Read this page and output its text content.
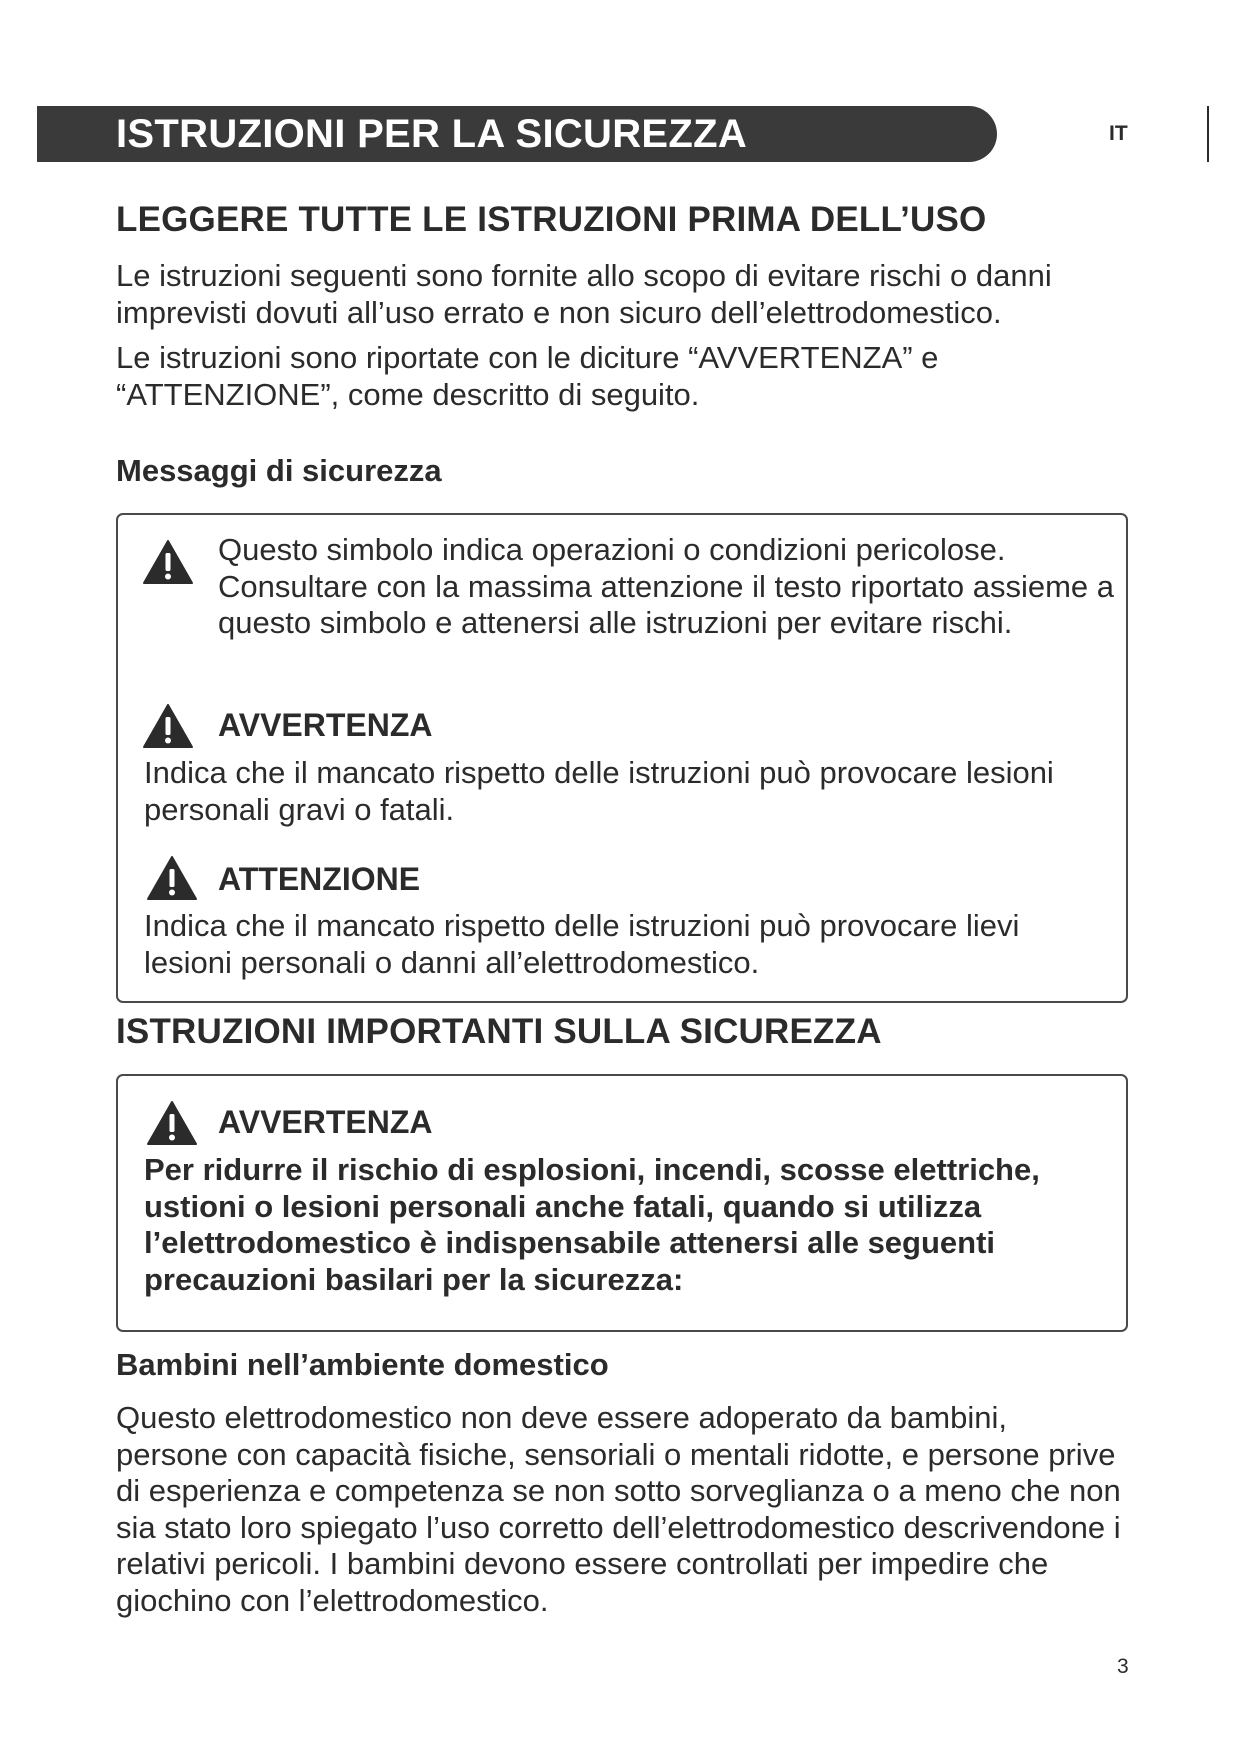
ISTRUZIONI PER LA SICUREZZA	IT
LEGGERE TUTTE LE ISTRUZIONI PRIMA DELL’USO

Le istruzioni seguenti sono fornite allo scopo di evitare rischi o danni imprevisti dovuti all’uso errato e non sicuro dell’elettrodomestico.

Le istruzioni sono riportate con le diciture “AVVERTENZA” e “ATTENZIONE”, come descritto di seguito.

Messaggi di sicurezza

Questo simbolo indica operazioni o condizioni pericolose. Consultare con la massima attenzione il testo riportato assieme a questo simbolo e attenersi alle istruzioni per evitare rischi.

AVVERTENZA

Indica che il mancato rispetto delle istruzioni può provocare lesioni personali gravi o fatali.

ATTENZIONE

Indica che il mancato rispetto delle istruzioni può provocare lievi lesioni personali o danni all’elettrodomestico.

ISTRUZIONI IMPORTANTI SULLA SICUREZZA

AVVERTENZA

Per ridurre il rischio di esplosioni, incendi, scosse elettriche, ustioni o lesioni personali anche fatali, quando si utilizza l’elettrodomestico è indispensabile attenersi alle seguenti precauzioni basilari per la sicurezza:

Bambini nell’ambiente domestico

Questo elettrodomestico non deve essere adoperato da bambini, persone con capacità fisiche, sensoriali o mentali ridotte, e persone prive di esperienza e competenza se non sotto sorveglianza o a meno che non sia stato loro spiegato l’uso corretto dell’elettrodomestico descrivendone i relativi pericoli. I bambini devono essere controllati per impedire che giochino con l’elettrodomestico.

3
